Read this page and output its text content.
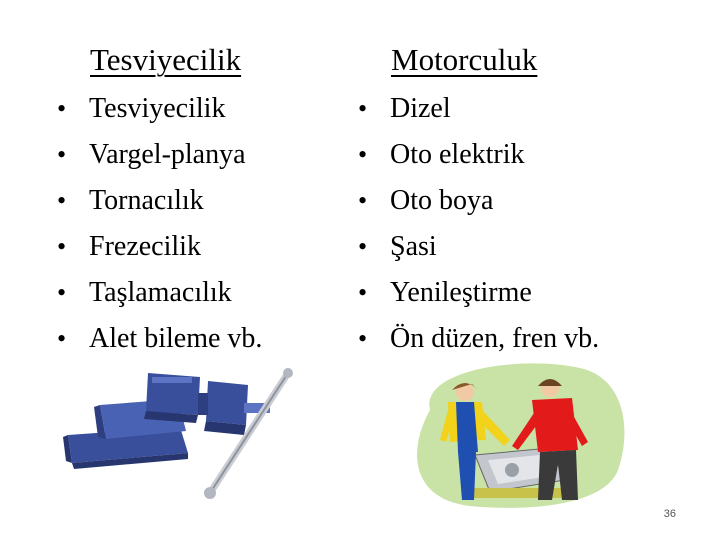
Tesviyecilik	Motorculuk
• Tesviyecilik
• Vargel-planya
• Tornacılık
• Frezecilik
• Taşlamacılık
• Alet bileme vb.
• Dizel
• Oto elektrik
• Oto boya
• Şasi
• Yenileştirme
• Ön düzen, fren vb.
36
